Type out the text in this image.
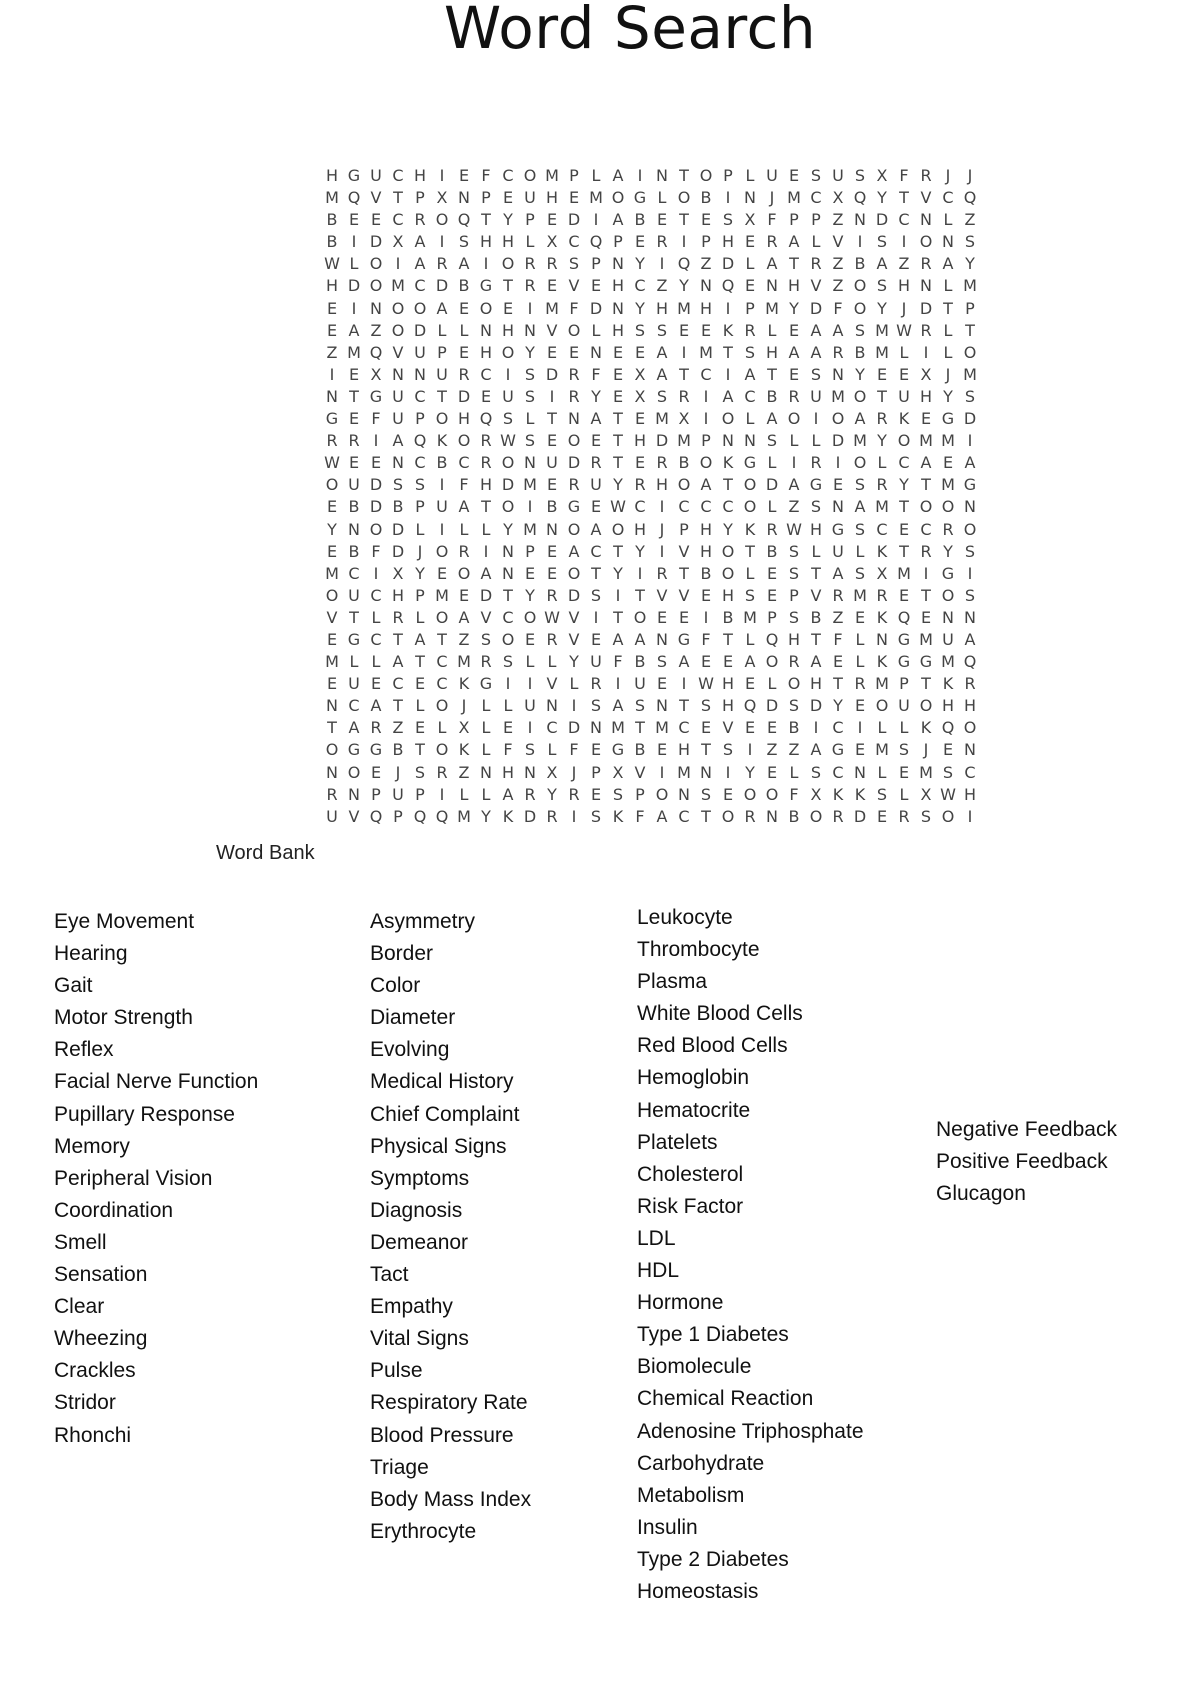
Word Search
H G U C H I E F C O M P L A I N T O P L U E S U S X F R J	J
M Q V T P X N P E U H E M O G L O B I N J M C X Q Y T V C Q
B E E C R O Q T Y P E D I A B E T E S X F P P Z N D C N L Z
B I D X A I S H H L X C Q P E R I P H E R A L V I S I O N S
W L O I A R A I O R R S P N Y I Q Z D L A T R Z B A Z R A Y
H D O M C D B G T R E V E H C Z Y N Q E N H V Z O S H N L M
E I N O O A E O E I M F D N Y H M H I P M Y D F O Y J D T P
E A Z O D L L N H N V O L H S S E E K R L E A A S M W R L T
Z M Q V U P E H O Y E E N E E A I M T S H A A R B M L I L O
I E X N N U R C I S D R F E X A T C I A T E S N Y E E X J M
N T G U C T D E U S I R Y E X S R I A C B R U M O T U H Y S
G E F U P O H Q S L T N A T E M X I O L A O I O A R K E G D
R R I A Q K O R W S E O E T H D M P N N S L L D M Y O M M I
W E E N C B C R O N U D R T E R B O K G L I R I O L C A E A
O U D S S I F H D M E R U Y R H O A T O D A G E S R Y T M G
E B D B P U A T O I B G E W C I C C C O L Z S N A M T O O N
Y N O D L I L L Y M N O A O H J P H Y K R W H G S C E C R O
E B F D J O R I N P E A C T Y I V H O T B S L U L K T R Y S
M C I X Y E O A N E E O T Y I R T B O L E S T A S X M I G I
O U C H P M E D T Y R D S I T V V E H S E P V R M R E T O S
V T L R L O A V C O W V I T O E E I B M P S B Z E K Q E N N
E G C T A T Z S O E R V E A A N G F T L Q H T F L N G M U A
M L L A T C M R S L L Y U F B S A E E A O R A E L K G G M Q
E U E C E C K G I	I V L R I U E I W H E L O H T R M P T K R
N C A T L O J L L U N I S A S N T S H Q D S D Y E O U O H H
T A R Z E L X L E I C D N M T M C E V E E B I C I L L K Q O
O G G B T O K L F S L F E G B E H T S I Z Z A G E M S J E N
N O E J S R Z N H N X J P X V I M N I Y E L S C N L E M S C
R N P U P I L L A R Y R E S P O N S E O O F X K K S L X W H
U V Q P Q Q M Y K D R I S K F A C T O R N B O R D E R S O I
Word Bank
Eye Movement
Hearing
Gait
Motor Strength
Reflex
Facial Nerve Function
Pupillary Response
Memory
Peripheral Vision
Coordination
Smell
Sensation
Clear
Wheezing
Crackles
Stridor
Rhonchi
Asymmetry
Border
Color
Diameter
Evolving
Medical History
Chief Complaint
Physical Signs
Symptoms
Diagnosis
Demeanor
Tact
Empathy
Vital Signs
Pulse
Respiratory Rate
Blood Pressure
Triage
Body Mass Index
Erythrocyte
Leukocyte
Thrombocyte
Plasma
White Blood Cells
Red Blood Cells
Hemoglobin
Hematocrite
Platelets
Cholesterol
Risk Factor
LDL
HDL
Hormone
Type 1 Diabetes
Biomolecule
Chemical Reaction
Adenosine Triphosphate
Carbohydrate
Metabolism
Insulin
Type 2 Diabetes
Homeostasis
Negative Feedback
Positive Feedback
Glucagon
